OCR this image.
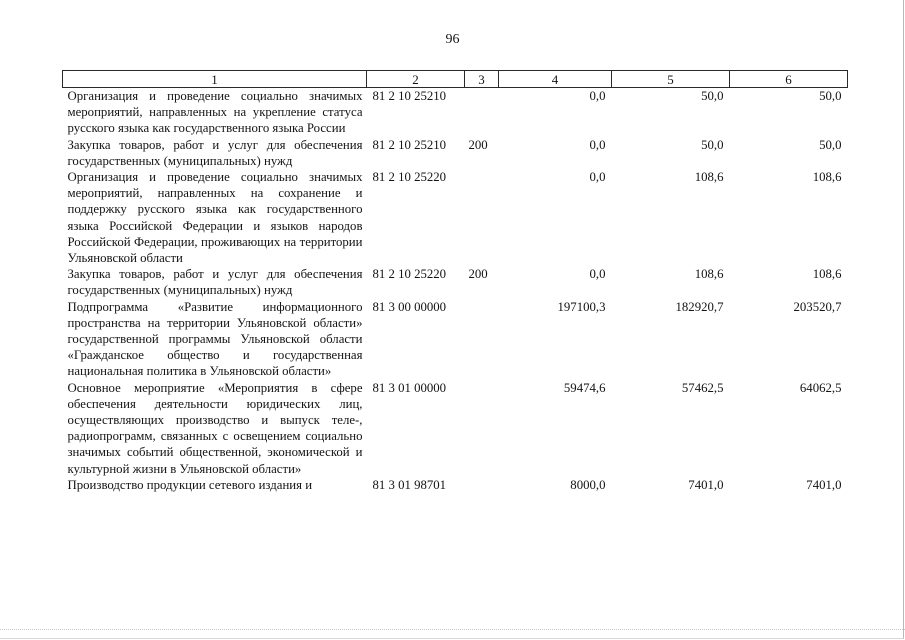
96
1	2	3	4	5	6
Организация и проведение социально значимых мероприятий, направленных на укрепление статуса русского языка как государственного языка России	81 2 10 25210		0,0	50,0	50,0
Закупка товаров, работ и услуг для обеспечения государственных (муниципальных) нужд	81 2 10 25210	200	0,0	50,0	50,0
Организация и проведение социально значимых мероприятий, направленных на сохранение и поддержку русского языка как государственного языка Российской Федерации и языков народов Российской Федерации, проживающих на территории Ульяновской области	81 2 10 25220		0,0	108,6	108,6
Закупка товаров, работ и услуг для обеспечения государственных (муниципальных) нужд	81 2 10 25220	200	0,0	108,6	108,6
Подпрограмма «Развитие информационного пространства на территории Ульяновской области» государственной программы Ульяновской области «Гражданское общество и государственная национальная политика в Ульяновской области»	81 3 00 00000		197100,3	182920,7	203520,7
Основное мероприятие «Мероприятия в сфере обеспечения деятельности юридических лиц, осуществляющих производство и выпуск теле-, радиопрограмм, связанных с освещением социально значимых событий общественной, экономической и культурной жизни в Ульяновской области»	81 3 01 00000		59474,6	57462,5	64062,5
Производство продукции сетевого издания и	81 3 01 98701		8000,0	7401,0	7401,0
